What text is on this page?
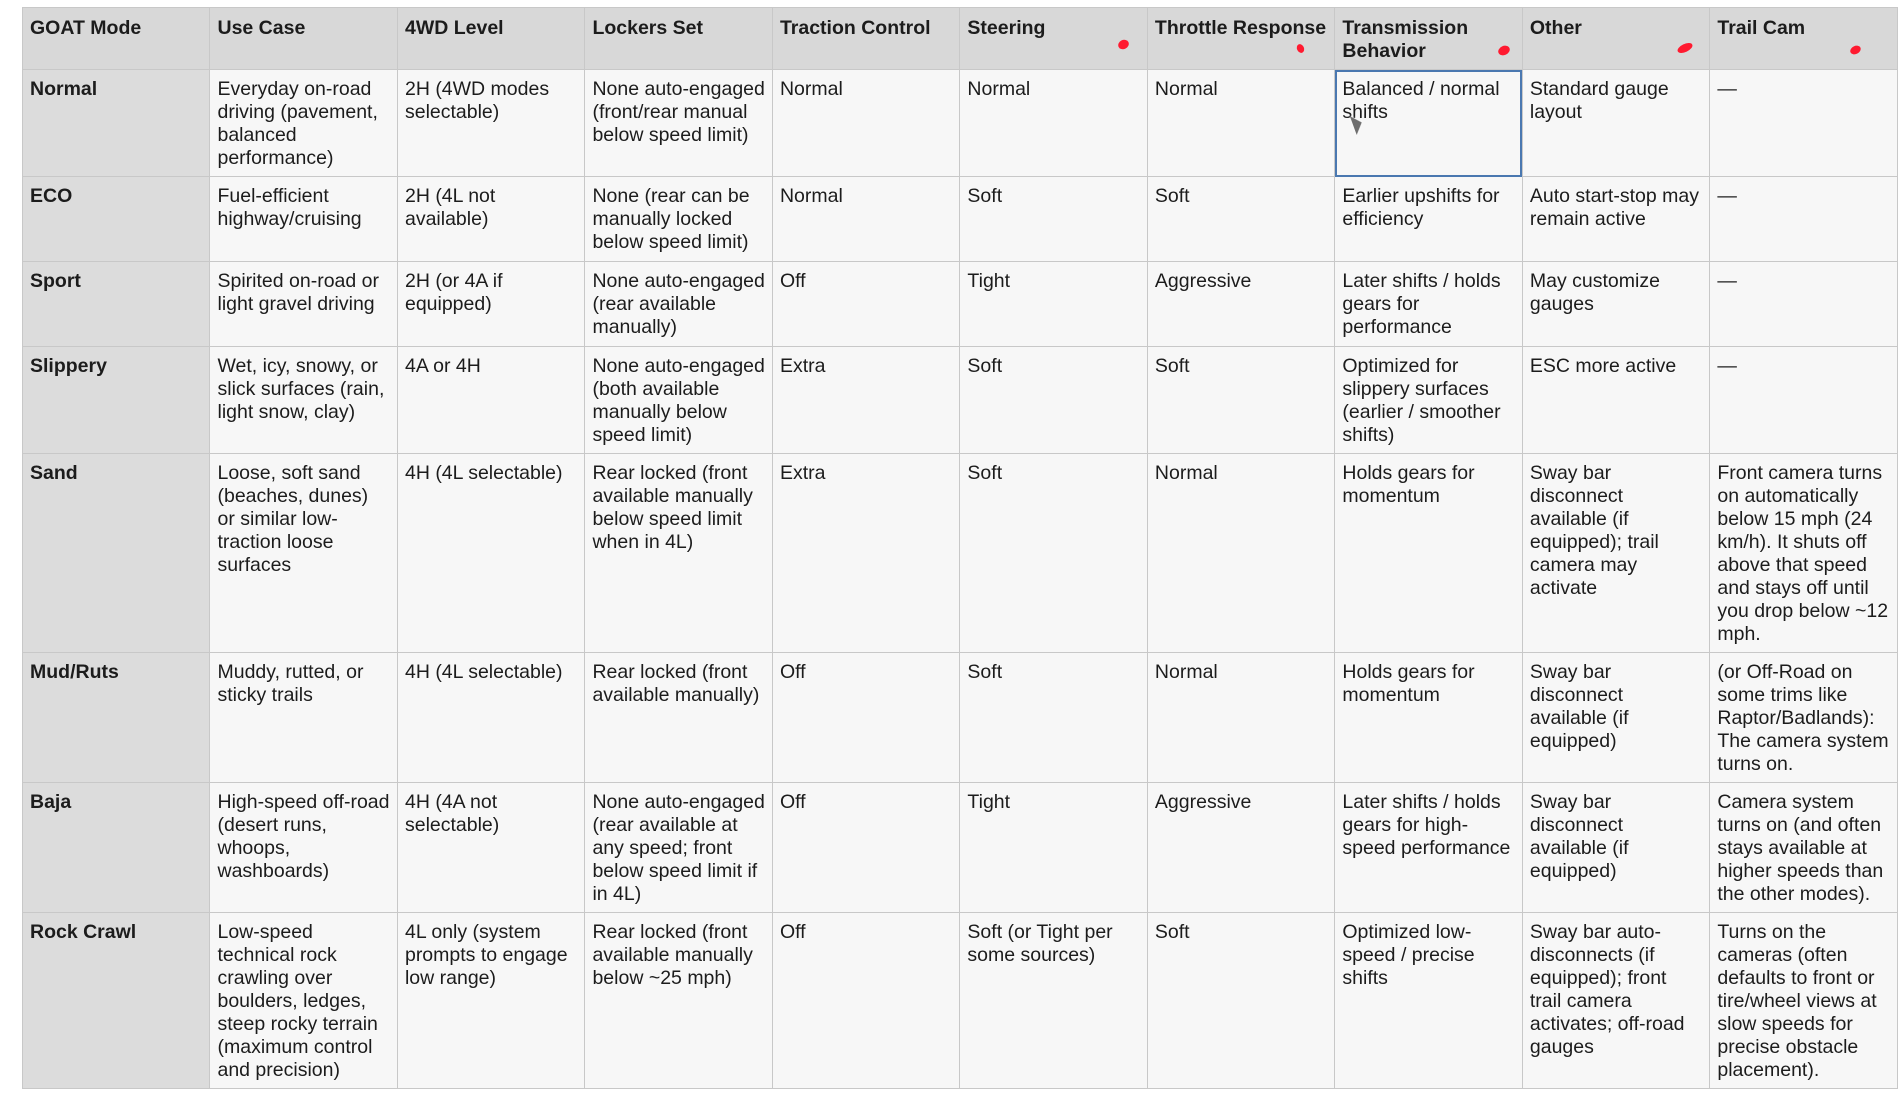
GOAT Mode	Use Case	4WD Level	Lockers Set	Traction Control	Steering	Throttle Response	Transmission Behavior	Other	Trail Cam

Normal	Everyday on-road driving (pavement, balanced performance)	2H (4WD modes selectable)	None auto-engaged (front/rear manual below speed limit)	Normal	Normal	Normal	Balanced / normal shifts	Standard gauge layout	—
ECO	Fuel-efficient highway/cruising	2H (4L not available)	None (rear can be manually locked below speed limit)	Normal	Soft	Soft	Earlier upshifts for efficiency	Auto start-stop may remain active	—
Sport	Spirited on-road or light gravel driving	2H (or 4A if equipped)	None auto-engaged (rear available manually)	Off	Tight	Aggressive	Later shifts / holds gears for performance	May customize gauges	—
Slippery	Wet, icy, snowy, or slick surfaces (rain, light snow, clay)	4A or 4H	None auto-engaged (both available manually below speed limit)	Extra	Soft	Soft	Optimized for slippery surfaces (earlier / smoother shifts)	ESC more active	—
Sand	Loose, soft sand (beaches, dunes) or similar low-traction loose surfaces	4H (4L selectable)	Rear locked (front available manually below speed limit when in 4L)	Extra	Soft	Normal	Holds gears for momentum	Sway bar disconnect available (if equipped); trail camera may activate	Front camera turns on automatically below 15 mph (24 km/h). It shuts off above that speed and stays off until you drop below ~12 mph.
Mud/Ruts	Muddy, rutted, or sticky trails	4H (4L selectable)	Rear locked (front available manually)	Off	Soft	Normal	Holds gears for momentum	Sway bar disconnect available (if equipped)	(or Off-Road on some trims like Raptor/Badlands): The camera system turns on.
Baja	High-speed off-road (desert runs, whoops, washboards)	4H (4A not selectable)	None auto-engaged (rear available at any speed; front below speed limit if in 4L)	Off	Tight	Aggressive	Later shifts / holds gears for high-speed performance	Sway bar disconnect available (if equipped)	Camera system turns on (and often stays available at higher speeds than the other modes).
Rock Crawl	Low-speed technical rock crawling over boulders, ledges, steep rocky terrain (maximum control and precision)	4L only (system prompts to engage low range)	Rear locked (front available manually below ~25 mph)	Off	Soft (or Tight per some sources)	Soft	Optimized low-speed / precise shifts	Sway bar auto-disconnects (if equipped); front trail camera activates; off-road gauges	Turns on the cameras (often defaults to front or tire/wheel views at slow speeds for precise obstacle placement).
